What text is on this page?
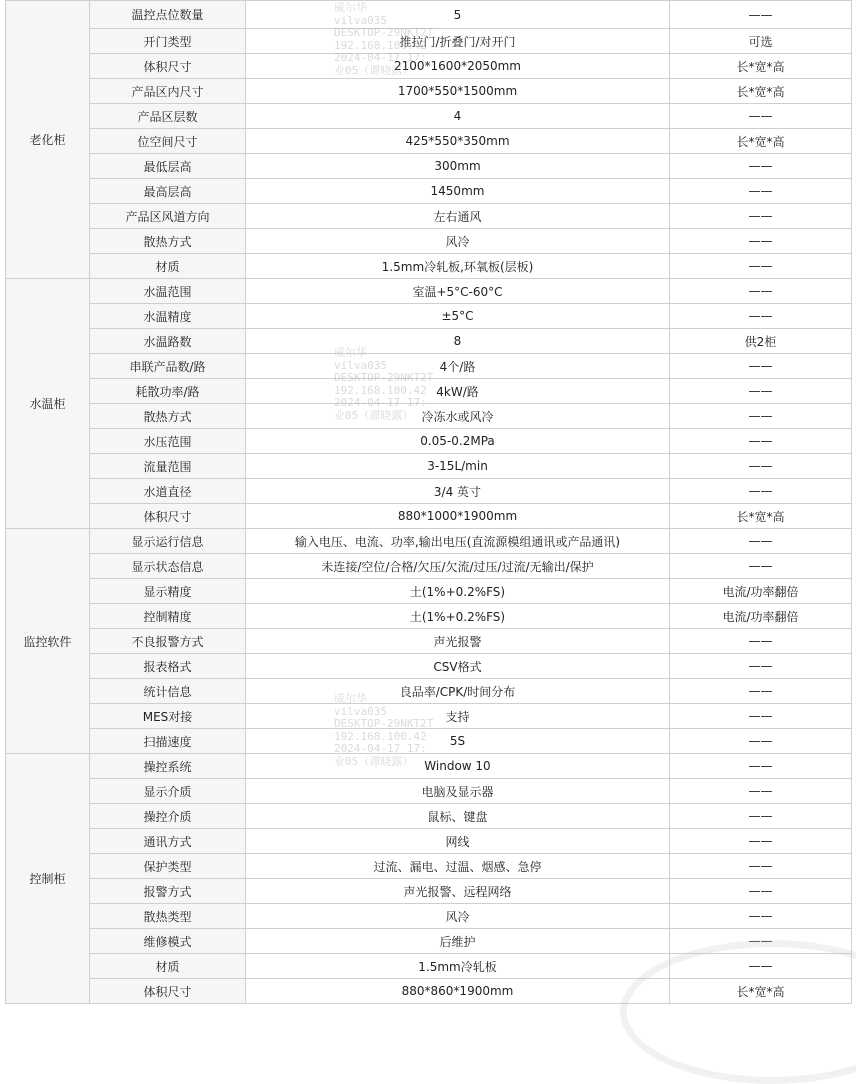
老化柜	温控点位数量	5	——
	开门类型	推拉门/折叠门/对开门	可选
	体积尺寸	2100*1600*2050mm	长*宽*高
	产品区内尺寸	1700*550*1500mm	长*宽*高
	产品区层数	4	——
	位空间尺寸	425*550*350mm	长*宽*高
	最低层高	300mm	——
	最高层高	1450mm	——
	产品区风道方向	左右通风	——
	散热方式	风冷	——
	材质	1.5mm冷轧板,环氧板(层板)	——
水温柜	水温范围	室温+5°C-60°C	——
	水温精度	±5°C	——
	水温路数	8	供2柜
	串联产品数/路	4个/路	——
	耗散功率/路	4kW/路	——
	散热方式	冷冻水或风冷	——
	水压范围	0.05-0.2MPa	——
	流量范围	3-15L/min	——
	水道直径	3/4 英寸	——
	体积尺寸	880*1000*1900mm	长*宽*高
监控软件	显示运行信息	输入电压、电流、功率,输出电压(直流源模组通讯或产品通讯)	——
	显示状态信息	未连接/空位/合格/欠压/欠流/过压/过流/无输出/保护	——
	显示精度	土(1%+0.2%FS)	电流/功率翻倍
	控制精度	土(1%+0.2%FS)	电流/功率翻倍
	不良报警方式	声光报警	——
	报表格式	CSV格式	——
	统计信息	良品率/CPK/时间分布	——
	MES对接	支持	——
	扫描速度	5S	——
控制柜	操控系统	Window 10	——
	显示介质	电脑及显示器	——
	操控介质	鼠标、键盘	——
	通讯方式	网线	——
	保护类型	过流、漏电、过温、烟感、急停	——
	报警方式	声光报警、远程网络	——
	散热类型	风冷	——
	维修模式	后维护	——
	材质	1.5mm冷轧板	——
	体积尺寸	880*860*1900mm	长*宽*高
威尔华
vilva035
DESKTOP-29NKT2T
192.168.100.42
2024-04-17 17:
业05（谭晓露）
威尔华
vilva035
DESKTOP-29NKT2T
192.168.100.42
2024-04-17 17:
业05（谭晓露）
威尔华
vilva035
DESKTOP-29NKT2T
192.168.100.42
2024-04-17 17:
业05（谭晓露）
